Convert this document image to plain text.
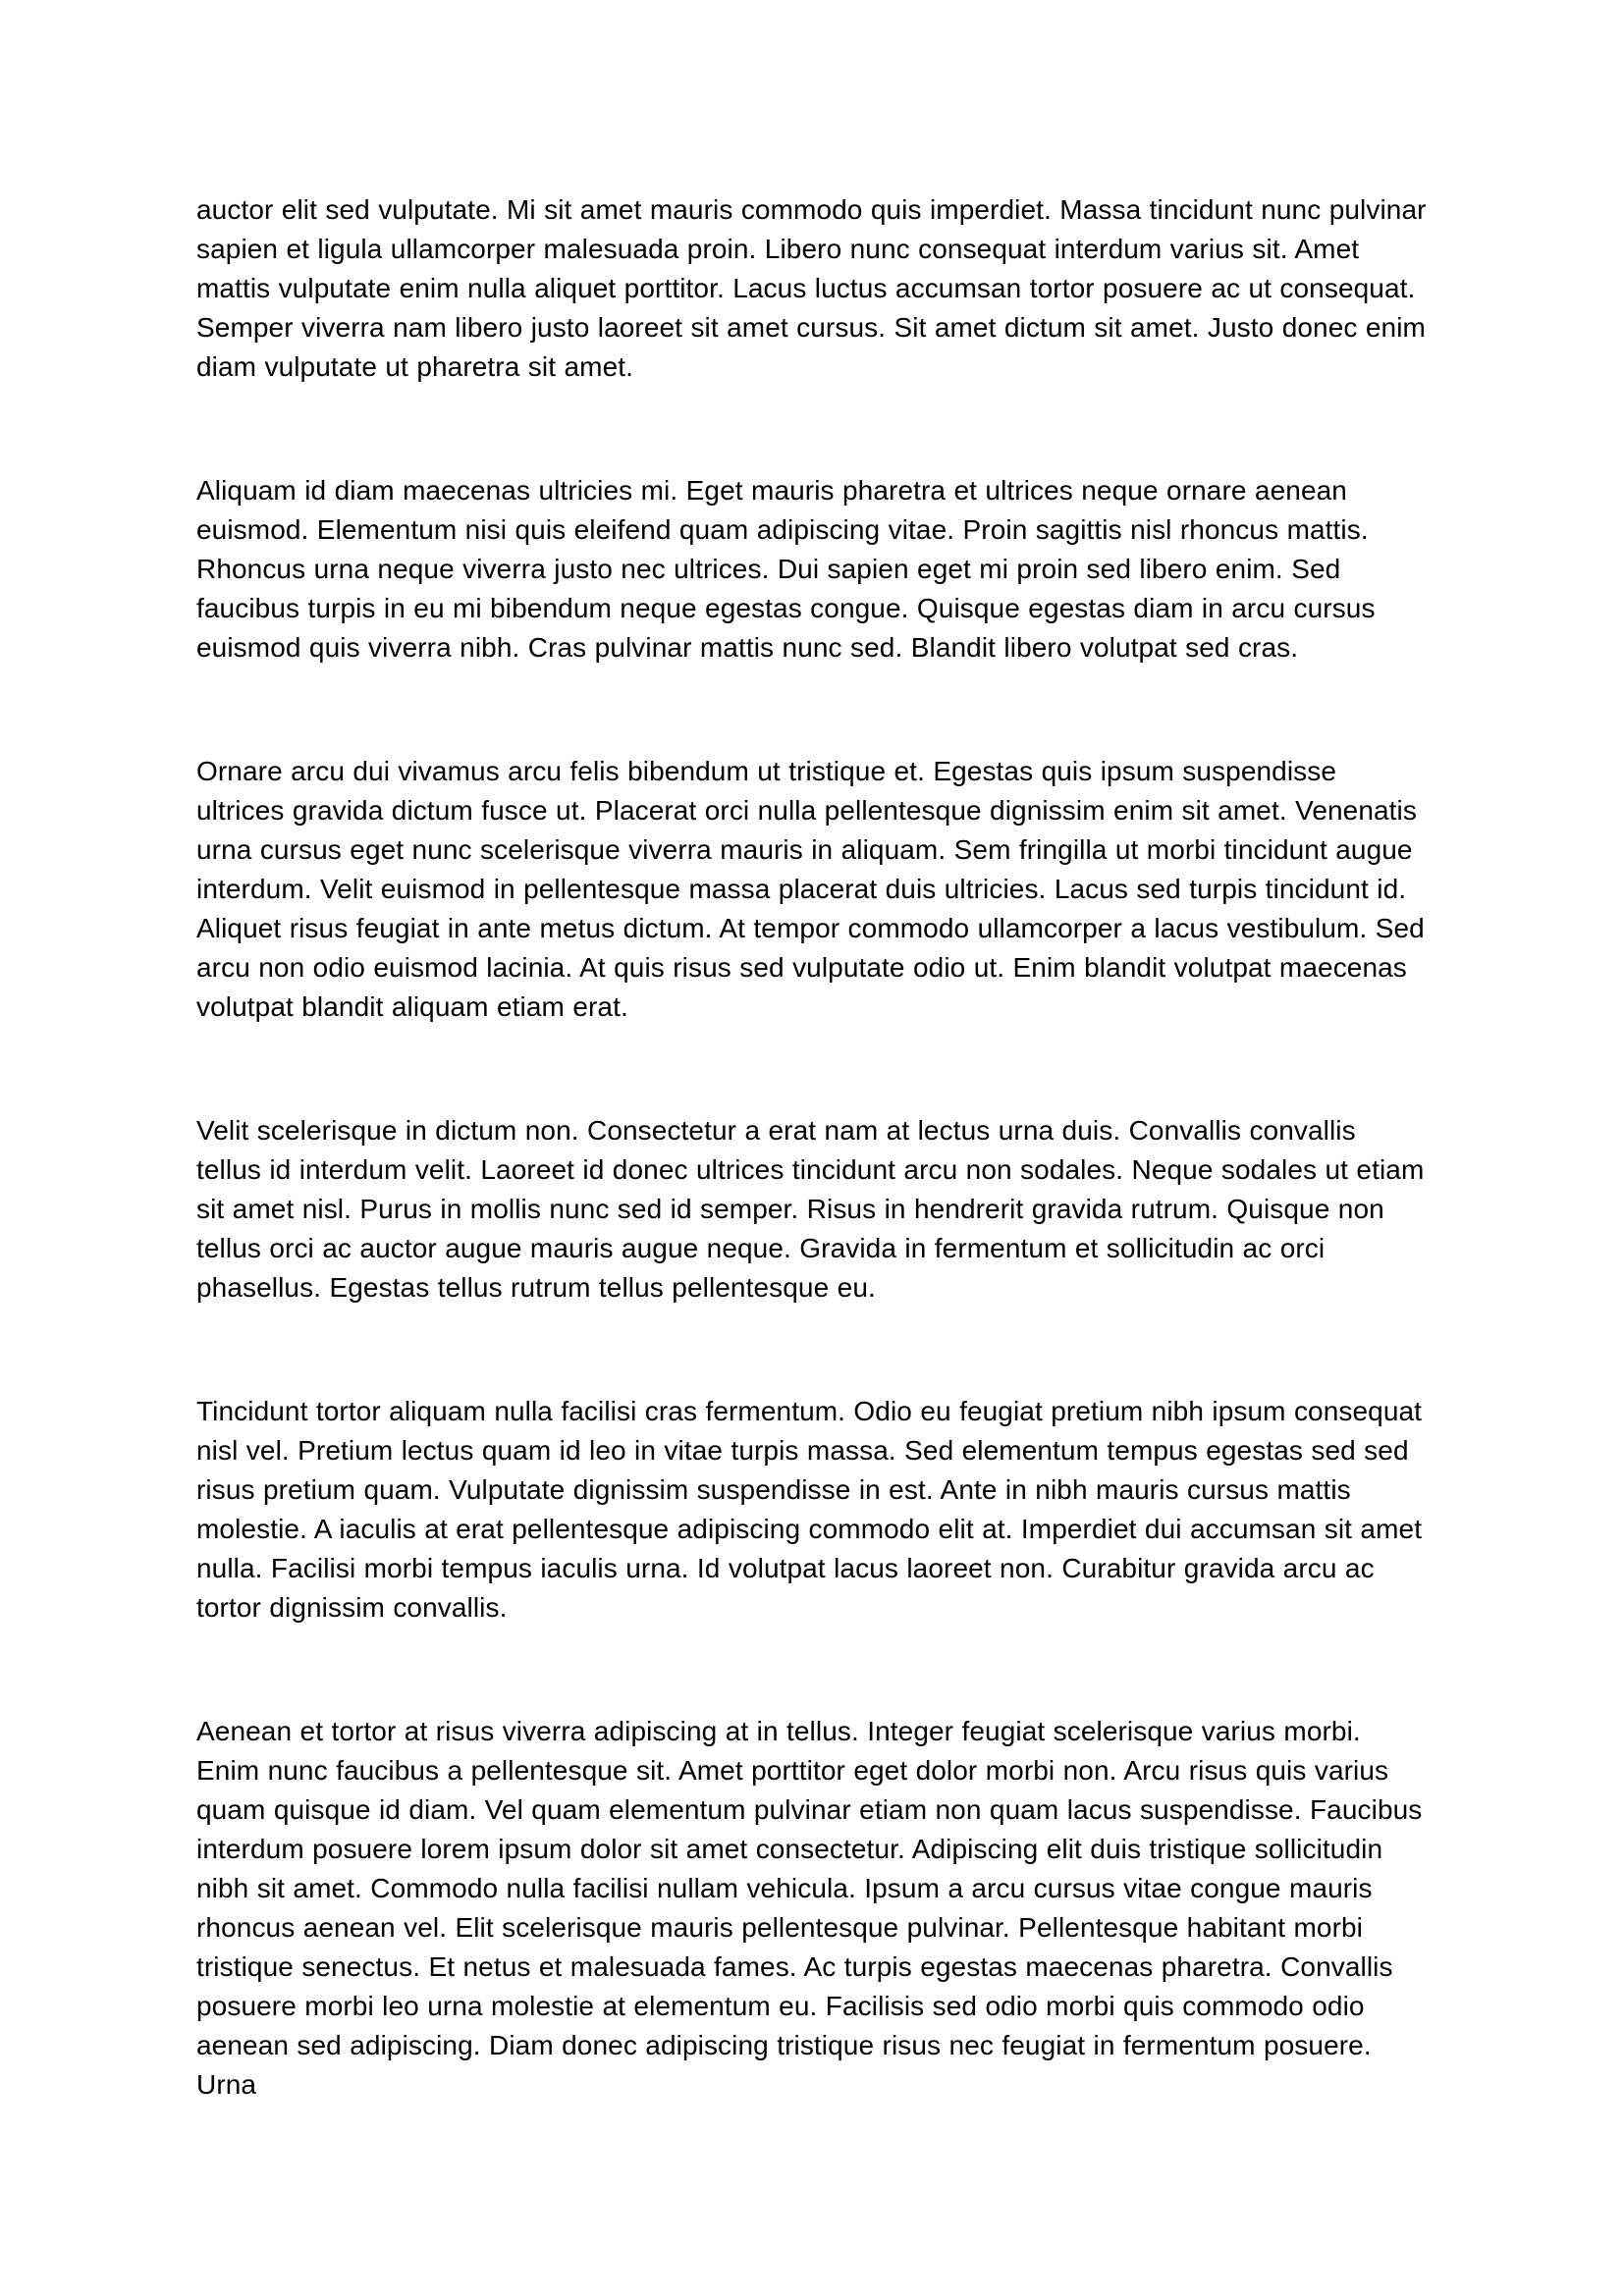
auctor elit sed vulputate. Mi sit amet mauris commodo quis imperdiet. Massa tincidunt nunc pulvinar sapien et ligula ullamcorper malesuada proin. Libero nunc consequat interdum varius sit. Amet mattis vulputate enim nulla aliquet porttitor. Lacus luctus accumsan tortor posuere ac ut consequat. Semper viverra nam libero justo laoreet sit amet cursus. Sit amet dictum sit amet. Justo donec enim diam vulputate ut pharetra sit amet.

Aliquam id diam maecenas ultricies mi. Eget mauris pharetra et ultrices neque ornare aenean euismod. Elementum nisi quis eleifend quam adipiscing vitae. Proin sagittis nisl rhoncus mattis. Rhoncus urna neque viverra justo nec ultrices. Dui sapien eget mi proin sed libero enim. Sed faucibus turpis in eu mi bibendum neque egestas congue. Quisque egestas diam in arcu cursus euismod quis viverra nibh. Cras pulvinar mattis nunc sed. Blandit libero volutpat sed cras.

Ornare arcu dui vivamus arcu felis bibendum ut tristique et. Egestas quis ipsum suspendisse ultrices gravida dictum fusce ut. Placerat orci nulla pellentesque dignissim enim sit amet. Venenatis urna cursus eget nunc scelerisque viverra mauris in aliquam. Sem fringilla ut morbi tincidunt augue interdum. Velit euismod in pellentesque massa placerat duis ultricies. Lacus sed turpis tincidunt id. Aliquet risus feugiat in ante metus dictum. At tempor commodo ullamcorper a lacus vestibulum. Sed arcu non odio euismod lacinia. At quis risus sed vulputate odio ut. Enim blandit volutpat maecenas volutpat blandit aliquam etiam erat.

Velit scelerisque in dictum non. Consectetur a erat nam at lectus urna duis. Convallis convallis tellus id interdum velit. Laoreet id donec ultrices tincidunt arcu non sodales. Neque sodales ut etiam sit amet nisl. Purus in mollis nunc sed id semper. Risus in hendrerit gravida rutrum. Quisque non tellus orci ac auctor augue mauris augue neque. Gravida in fermentum et sollicitudin ac orci phasellus. Egestas tellus rutrum tellus pellentesque eu.

Tincidunt tortor aliquam nulla facilisi cras fermentum. Odio eu feugiat pretium nibh ipsum consequat nisl vel. Pretium lectus quam id leo in vitae turpis massa. Sed elementum tempus egestas sed sed risus pretium quam. Vulputate dignissim suspendisse in est. Ante in nibh mauris cursus mattis molestie. A iaculis at erat pellentesque adipiscing commodo elit at. Imperdiet dui accumsan sit amet nulla. Facilisi morbi tempus iaculis urna. Id volutpat lacus laoreet non. Curabitur gravida arcu ac tortor dignissim convallis.

Aenean et tortor at risus viverra adipiscing at in tellus. Integer feugiat scelerisque varius morbi. Enim nunc faucibus a pellentesque sit. Amet porttitor eget dolor morbi non. Arcu risus quis varius quam quisque id diam. Vel quam elementum pulvinar etiam non quam lacus suspendisse. Faucibus interdum posuere lorem ipsum dolor sit amet consectetur. Adipiscing elit duis tristique sollicitudin nibh sit amet. Commodo nulla facilisi nullam vehicula. Ipsum a arcu cursus vitae congue mauris rhoncus aenean vel. Elit scelerisque mauris pellentesque pulvinar. Pellentesque habitant morbi tristique senectus. Et netus et malesuada fames. Ac turpis egestas maecenas pharetra. Convallis posuere morbi leo urna molestie at elementum eu. Facilisis sed odio morbi quis commodo odio aenean sed adipiscing. Diam donec adipiscing tristique risus nec feugiat in fermentum posuere. Urna
